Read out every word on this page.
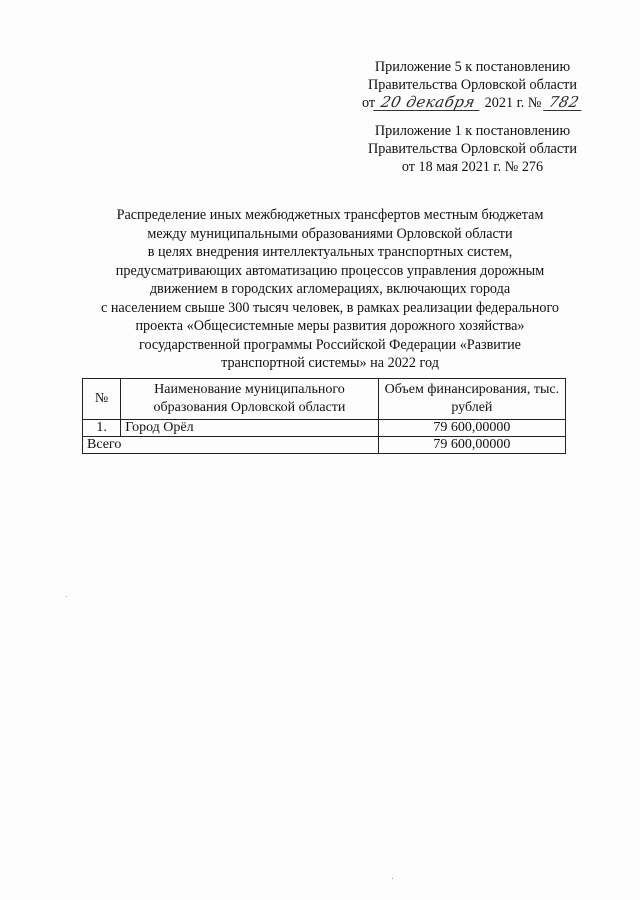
Приложение 5 к постановлению
Правительства Орловской области
от 20 декабря 2021 г. № 782
Приложение 1 к постановлению
Правительства Орловской области
от 18 мая 2021 г. № 276
Распределение иных межбюджетных трансфертов местным бюджетам
между муниципальными образованиями Орловской области
в целях внедрения интеллектуальных транспортных систем,
предусматривающих автоматизацию процессов управления дорожным
движением в городских агломерациях, включающих города
с населением свыше 300 тысяч человек, в рамках реализации федерального
проекта «Общесистемные меры развития дорожного хозяйства»
государственной программы Российской Федерации «Развитие
транспортной системы» на 2022 год
№	Наименование муниципального образования Орловской области	Объем финансирования, тыс. рублей
1.	Город Орёл	79 600,00000
Всего		79 600,00000
